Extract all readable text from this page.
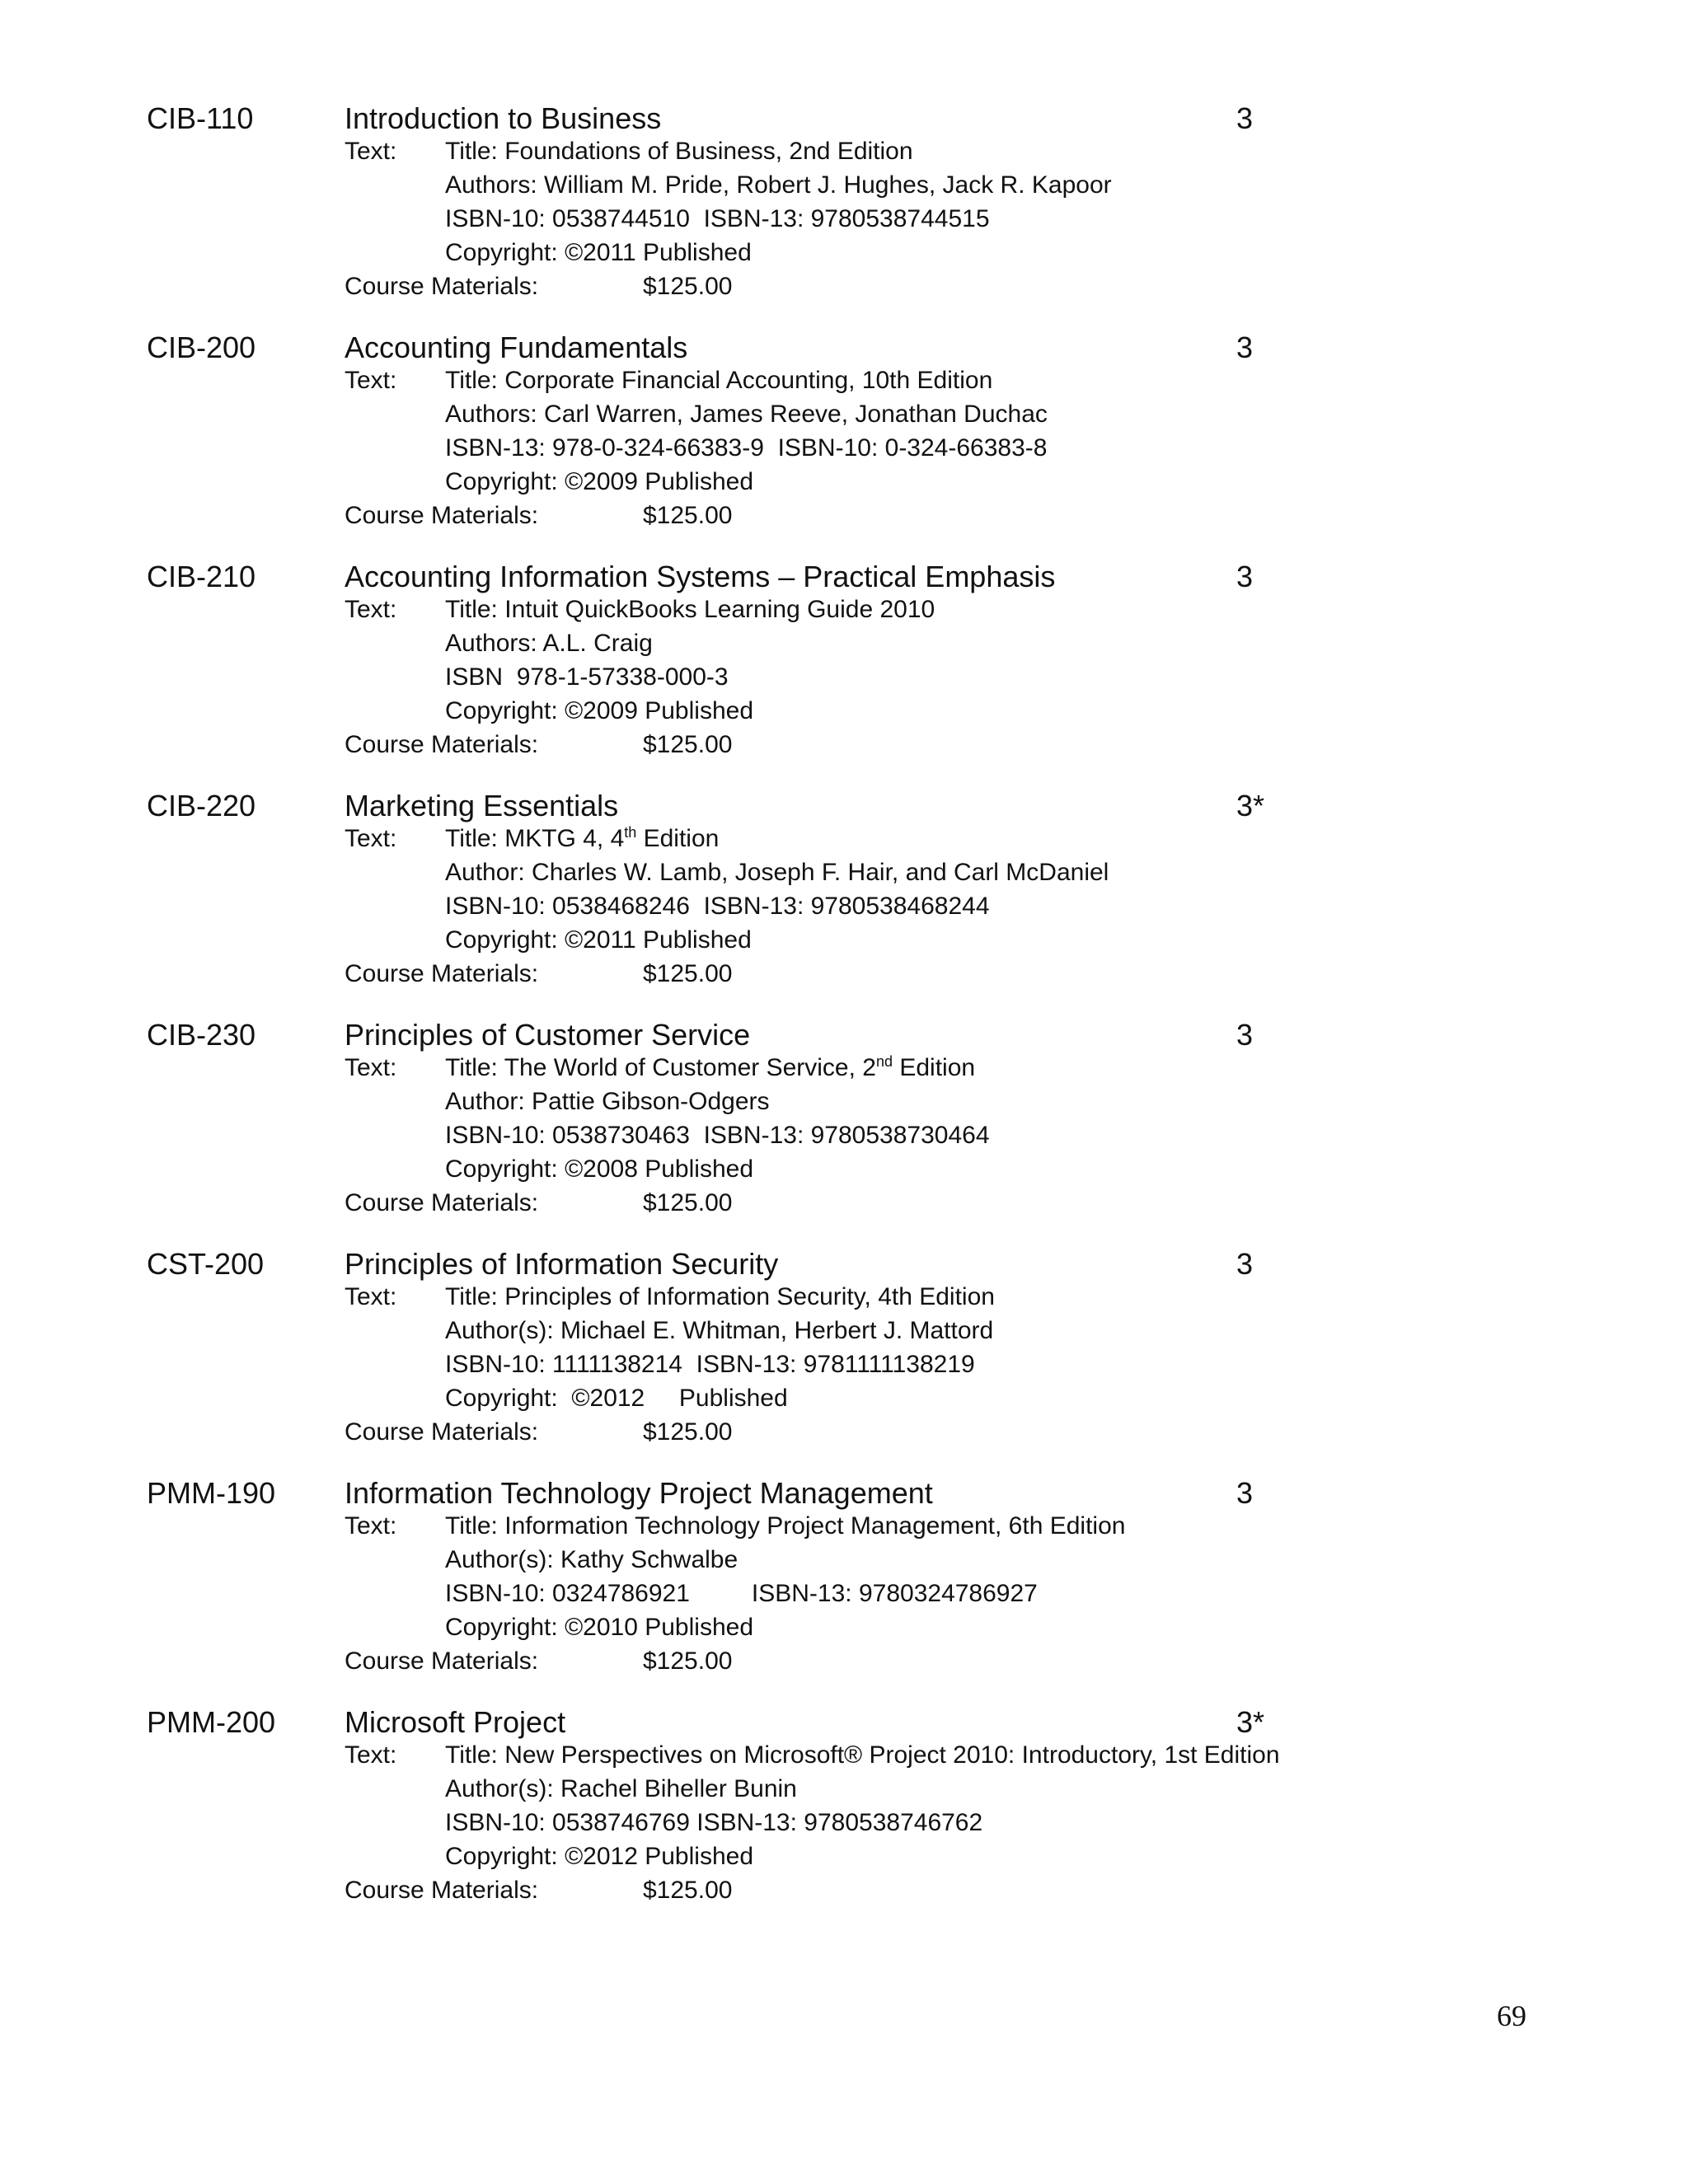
CIB-110	Introduction to Business	3
Text: Title: Foundations of Business, 2nd Edition
Authors: William M. Pride, Robert J. Hughes, Jack R. Kapoor
ISBN-10: 0538744510  ISBN-13: 9780538744515
Copyright: ©2011 Published
Course Materials:	$125.00
CIB-200	Accounting Fundamentals	3
Text: Title: Corporate Financial Accounting, 10th Edition
Authors: Carl Warren, James Reeve, Jonathan Duchac
ISBN-13: 978-0-324-66383-9  ISBN-10: 0-324-66383-8
Copyright: ©2009 Published
Course Materials:	$125.00
CIB-210	Accounting Information Systems – Practical Emphasis	3
Text: Title: Intuit QuickBooks Learning Guide 2010
Authors: A.L. Craig
ISBN  978-1-57338-000-3
Copyright: ©2009 Published
Course Materials:	$125.00
CIB-220	Marketing Essentials	3*
Text: Title: MKTG 4, 4th Edition
Author: Charles W. Lamb, Joseph F. Hair, and Carl McDaniel
ISBN-10: 0538468246  ISBN-13: 9780538468244
Copyright: ©2011 Published
Course Materials:	$125.00
CIB-230	Principles of Customer Service	3
Text: Title: The World of Customer Service, 2nd Edition
Author: Pattie Gibson-Odgers
ISBN-10: 0538730463  ISBN-13: 9780538730464
Copyright: ©2008 Published
Course Materials:	$125.00
CST-200	Principles of Information Security	3
Text: Title: Principles of Information Security, 4th Edition
Author(s): Michael E. Whitman, Herbert J. Mattord
ISBN-10: 1111138214  ISBN-13: 9781111138219
Copyright:  ©2012     Published
Course Materials:	$125.00
PMM-190 Information Technology Project Management	3
Text: Title: Information Technology Project Management, 6th Edition
Author(s): Kathy Schwalbe
ISBN-10: 0324786921         ISBN-13: 9780324786927
Copyright: ©2010 Published
Course Materials:	$125.00
PMM-200 Microsoft Project	3*
Text: Title: New Perspectives on Microsoft® Project 2010: Introductory, 1st Edition
Author(s): Rachel Biheller Bunin
ISBN-10: 0538746769 ISBN-13: 9780538746762
Copyright: ©2012 Published
Course Materials:	$125.00
69
